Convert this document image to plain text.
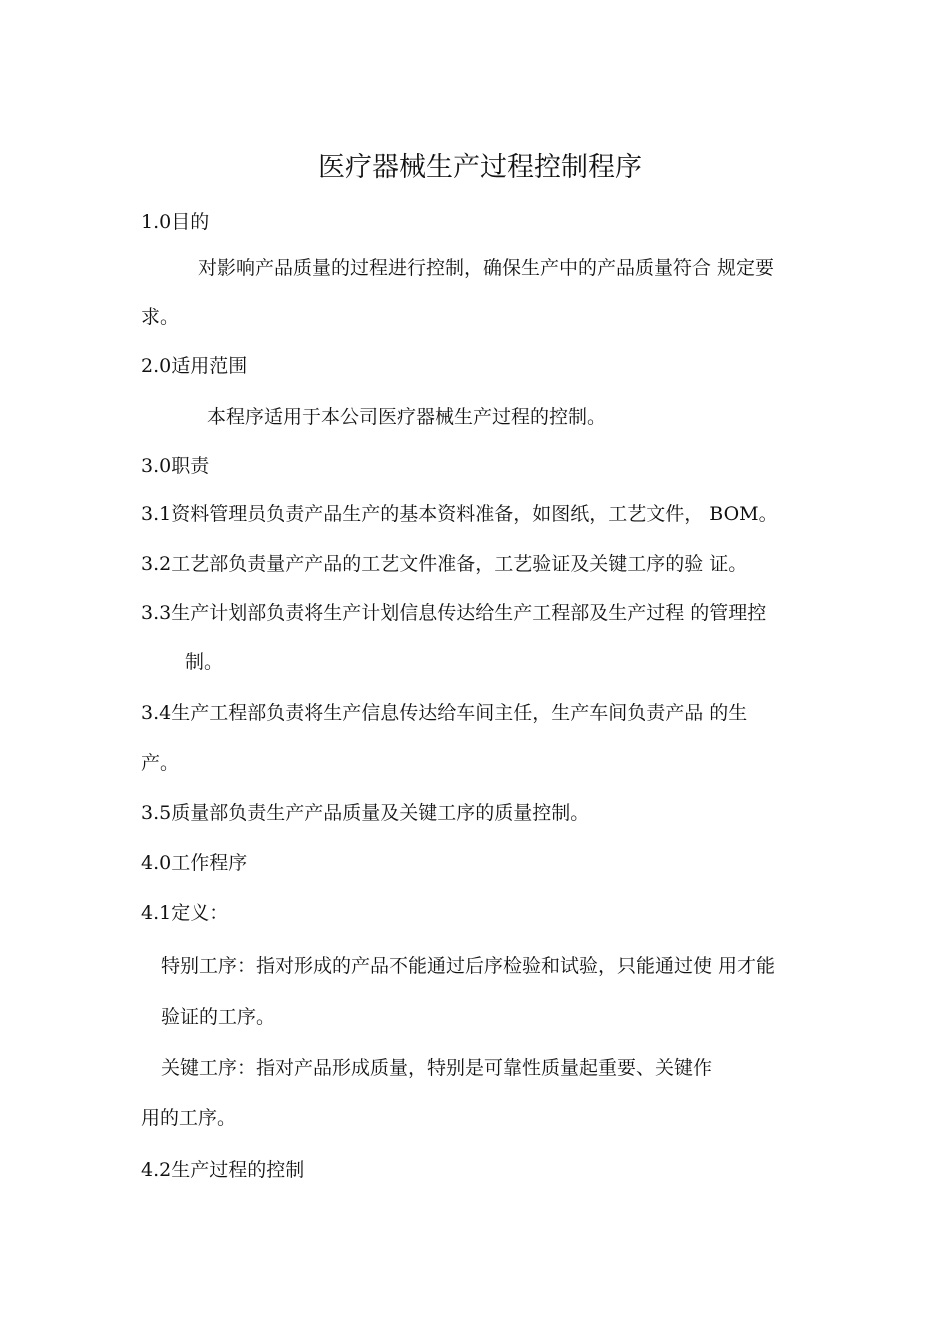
医疗器械生产过程控制程序
1.0目的
对影响产品质量的过程进行控制，确保生产中的产品质量符合 规定要
求。
2.0适用范围
本程序适用于本公司医疗器械生产过程的控制。
3.0职责
3.1资料管理员负责产品生产的基本资料准备，如图纸，工艺文件， BOM。
3.2工艺部负责量产产品的工艺文件准备，工艺验证及关键工序的验 证。
3.3生产计划部负责将生产计划信息传达给生产工程部及生产过程 的管理控
制。
3.4生产工程部负责将生产信息传达给车间主任，生产车间负责产品 的生
产。
3.5质量部负责生产产品质量及关键工序的质量控制。
4.0工作程序
4.1定义：
特别工序：指对形成的产品不能通过后序检验和试验，只能通过使 用才能
验证的工序。
关键工序：指对产品形成质量，特别是可靠性质量起重要、关键作
用的工序。
4.2生产过程的控制
